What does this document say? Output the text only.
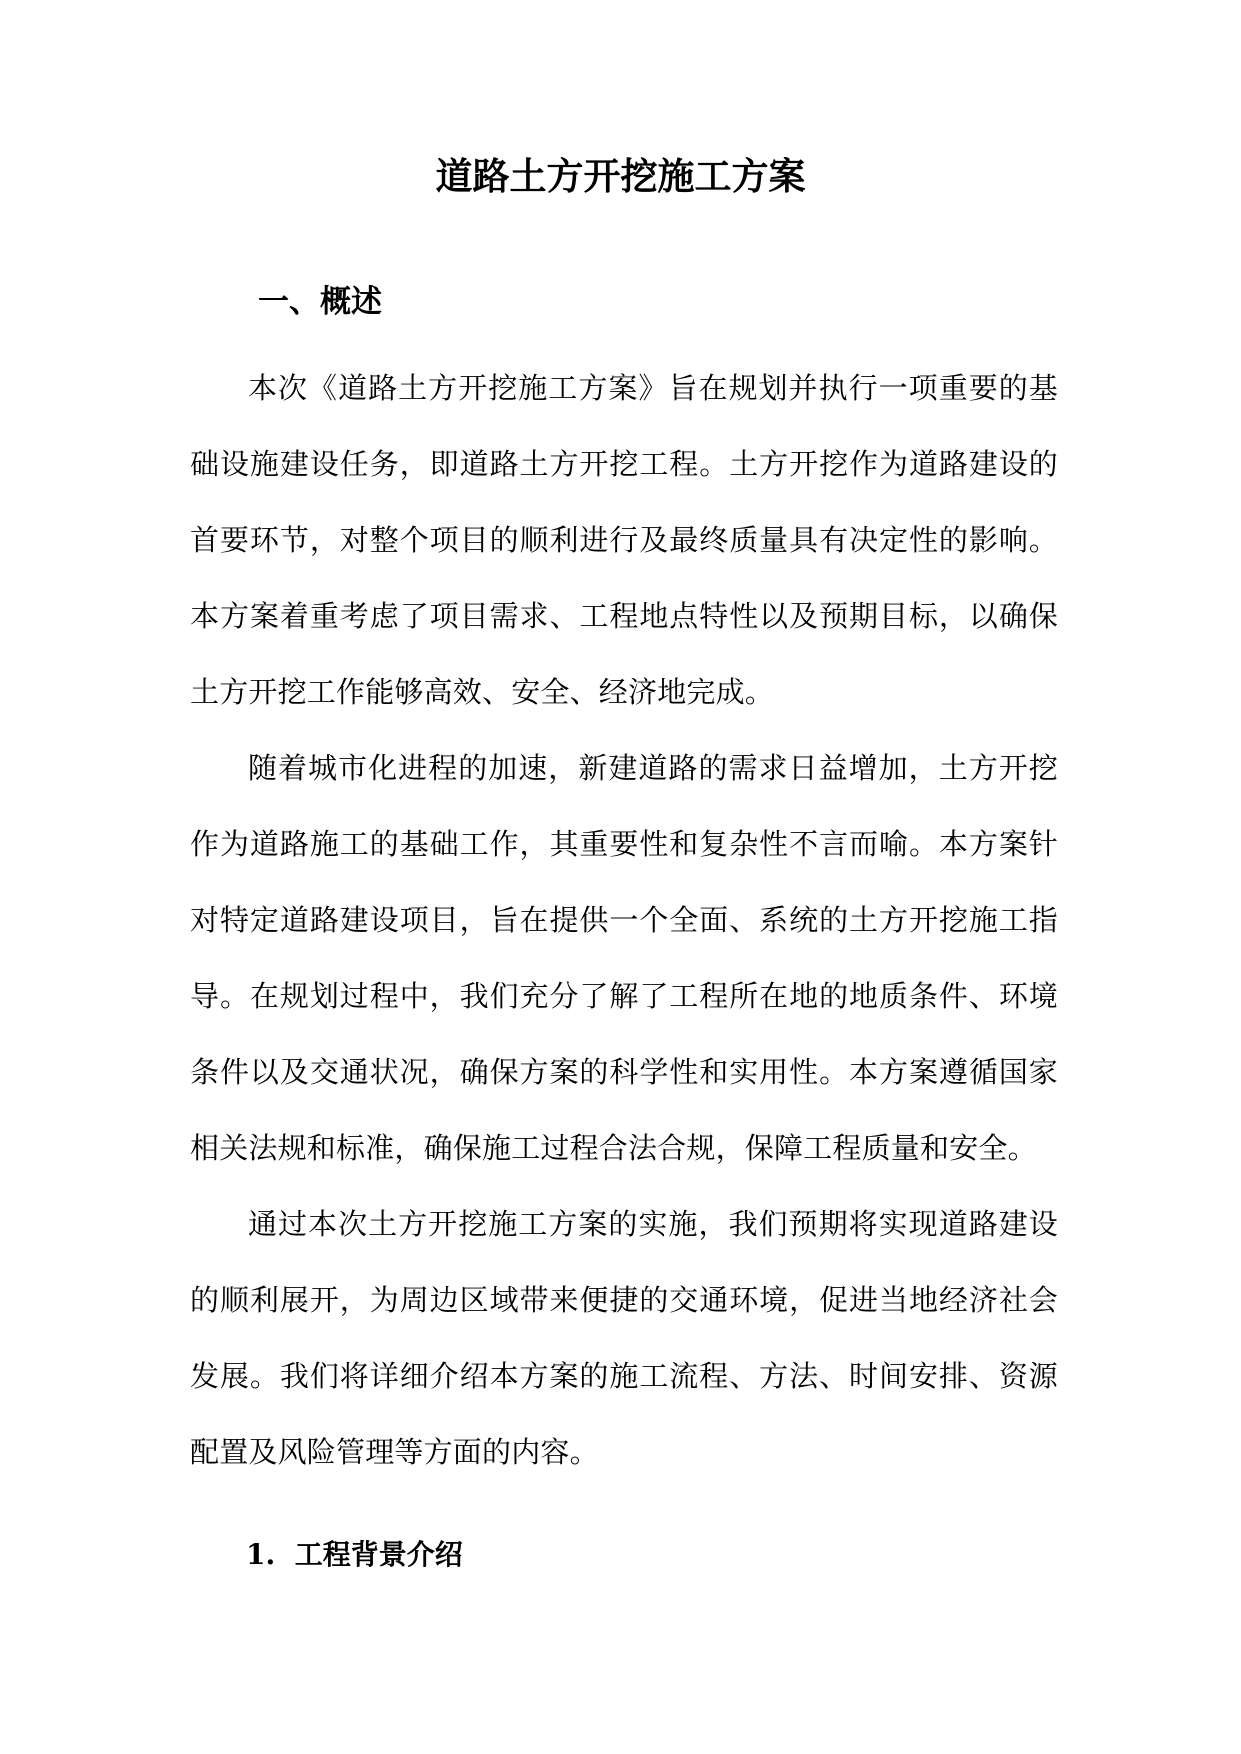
道路土方开挖施工方案
一、概述

本次《道路土方开挖施工方案》旨在规划并执行一项重要的基础设施建设任务，即道路土方开挖工程。土方开挖作为道路建设的首要环节，对整个项目的顺利进行及最终质量具有决定性的影响。本方案着重考虑了项目需求、工程地点特性以及预期目标，以确保土方开挖工作能够高效、安全、经济地完成。

随着城市化进程的加速，新建道路的需求日益增加，土方开挖作为道路施工的基础工作，其重要性和复杂性不言而喻。本方案针对特定道路建设项目，旨在提供一个全面、系统的土方开挖施工指导。在规划过程中，我们充分了解了工程所在地的地质条件、环境条件以及交通状况，确保方案的科学性和实用性。本方案遵循国家相关法规和标准，确保施工过程合法合规，保障工程质量和安全。

通过本次土方开挖施工方案的实施，我们预期将实现道路建设的顺利展开，为周边区域带来便捷的交通环境，促进当地经济社会发展。我们将详细介绍本方案的施工流程、方法、时间安排、资源配置及风险管理等方面的内容。

1.  工程背景介绍
